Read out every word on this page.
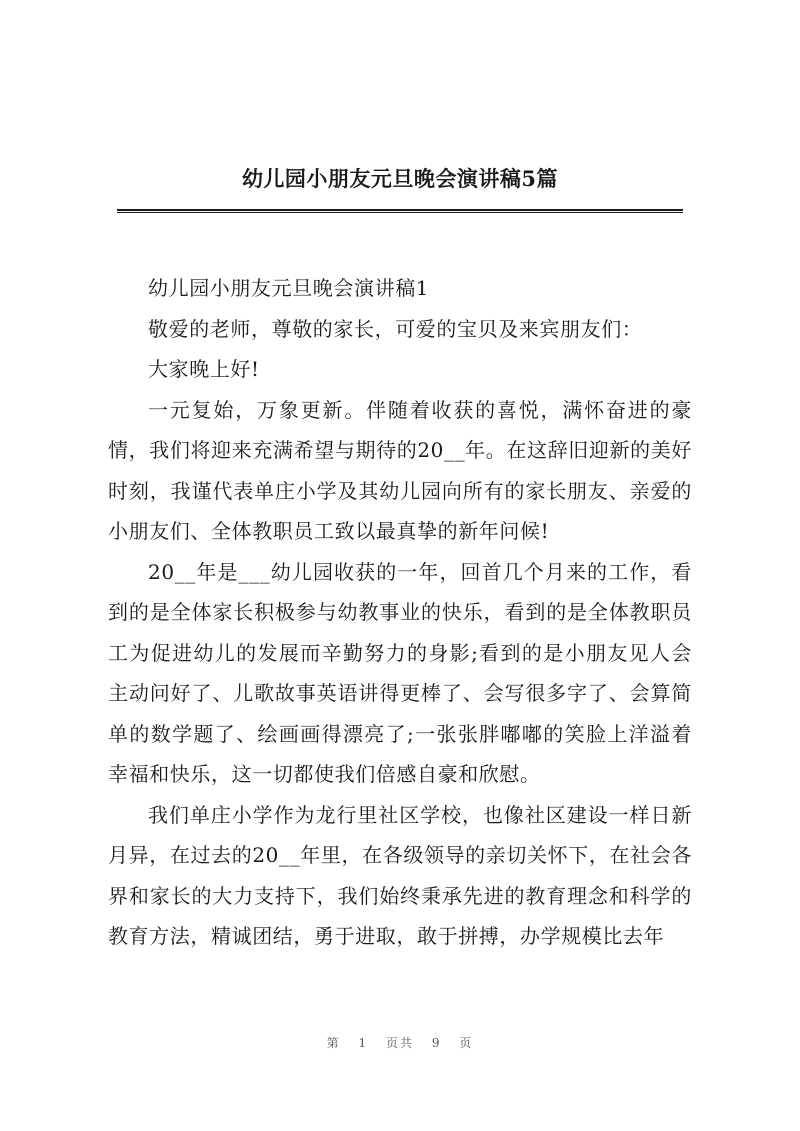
幼儿园小朋友元旦晚会演讲稿5篇

幼儿园小朋友元旦晚会演讲稿1

敬爱的老师，尊敬的家长，可爱的宝贝及来宾朋友们：

大家晚上好!

一元复始，万象更新。伴随着收获的喜悦，满怀奋进的豪情，我们将迎来充满希望与期待的20__年。在这辞旧迎新的美好时刻，我谨代表单庄小学及其幼儿园向所有的家长朋友、亲爱的小朋友们、全体教职员工致以最真挚的新年问候!

20__年是___幼儿园收获的一年，回首几个月来的工作，看到的是全体家长积极参与幼教事业的快乐，看到的是全体教职员工为促进幼儿的发展而辛勤努力的身影;看到的是小朋友见人会主动问好了、儿歌故事英语讲得更棒了、会写很多字了、会算简单的数学题了、绘画画得漂亮了;一张张胖嘟嘟的笑脸上洋溢着幸福和快乐，这一切都使我们倍感自豪和欣慰。

我们单庄小学作为龙行里社区学校，也像社区建设一样日新月异，在过去的20__年里，在各级领导的亲切关怀下，在社会各界和家长的大力支持下，我们始终秉承先进的教育理念和科学的教育方法，精诚团结，勇于进取，敢于拼搏，办学规模比去年

第 1 页共 9 页
